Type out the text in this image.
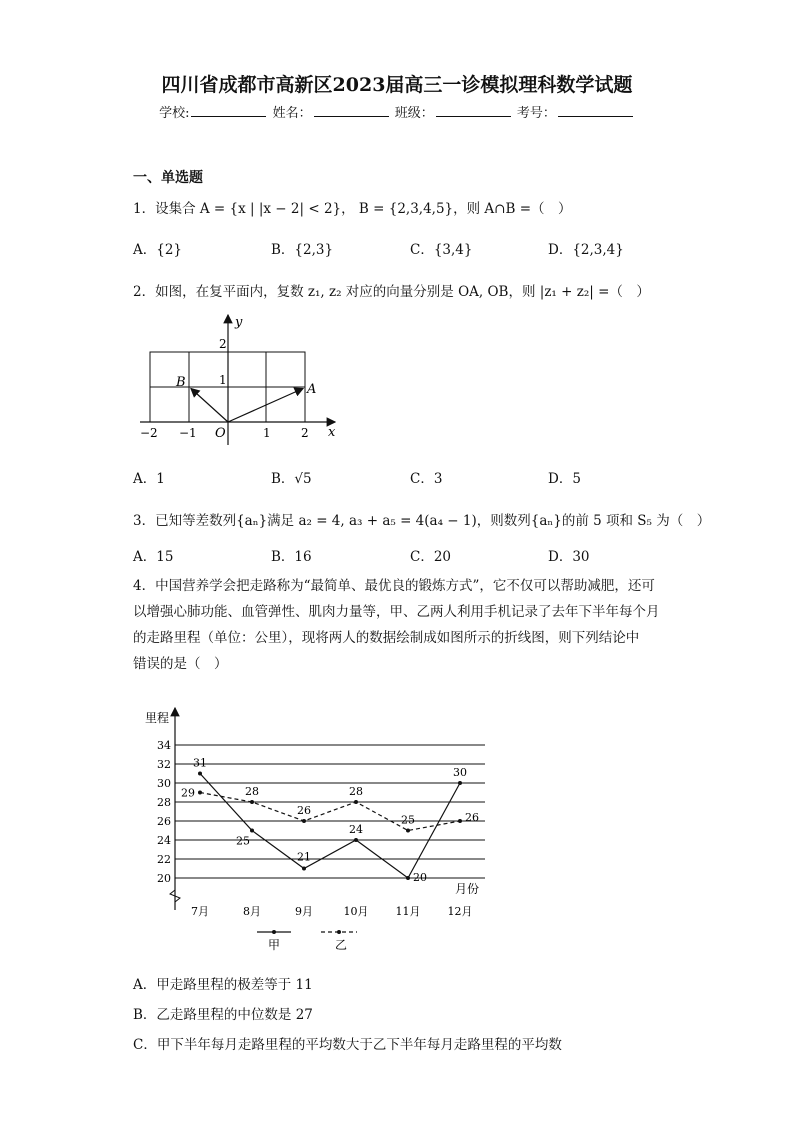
四川省成都市高新区2023届高三一诊模拟理科数学试题
学校:	姓名：	班级：	考号：
一、单选题
1．设集合 A = {x | |x − 2| < 2}， B = {2,3,4,5}，则 A∩B =（　）
A．{2}	B．{2,3}	C．{3,4}	D．{2,3,4}
2．如图，在复平面内，复数 z₁, z₂ 对应的向量分别是 OA, OB，则 |z₁ + z₂| =（　）
y
x
O
A
B
−2 −1	1	2
1
2
A．1	B．√5	C．3	D．5
3．已知等差数列{aₙ}满足 a₂ = 4, a₃ + a₅ = 4(a₄ − 1)，则数列{aₙ}的前 5 项和 S₅ 为（　）
A．15	B．16	C．20	D．30
4．中国营养学会把走路称为“最简单、最优良的锻炼方式”，它不仅可以帮助减肥，还可
以增强心肺功能、血管弹性、肌肉力量等，甲、乙两人利用手机记录了去年下半年每个月
的走路里程（单位：公里），现将两人的数据绘制成如图所示的折线图，则下列结论中
错误的是（　）
20
22
24
26
28
30
32
34
7月	8月	9月	10月 11月 12月
里程
月份
31
25
21
24
20
30
29	28
26
28
25	26
甲	乙
A．甲走路里程的极差等于 11
B．乙走路里程的中位数是 27
C．甲下半年每月走路里程的平均数大于乙下半年每月走路里程的平均数
